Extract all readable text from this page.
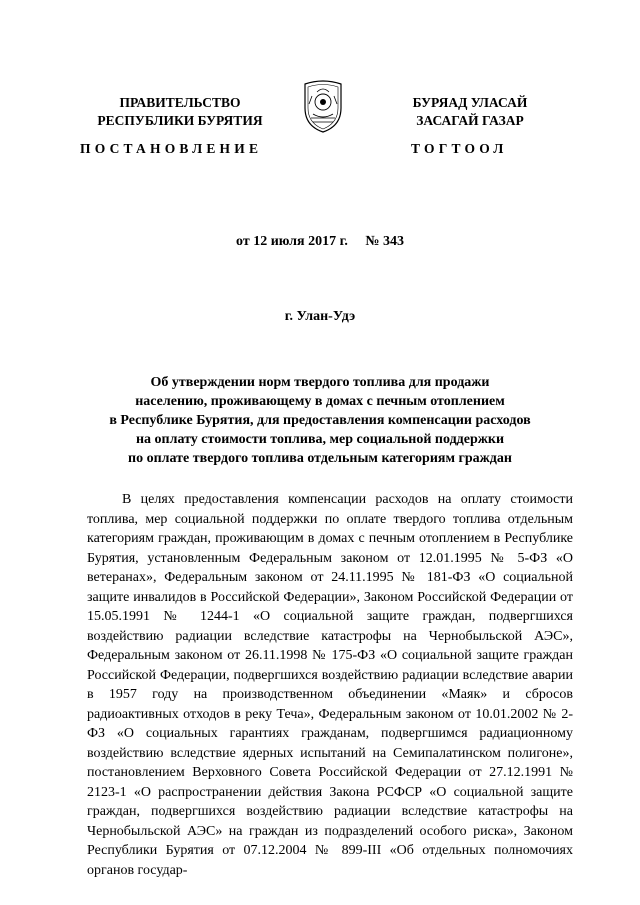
ПРАВИТЕЛЬСТВО
РЕСПУБЛИКИ БУРЯТИЯ
БУРЯАД УЛАСАЙ
ЗАСАГАЙ ГАЗАР
ПОСТАНОВЛЕНИЕ	ТОГТООЛ
от 12 июля 2017 г. № 343
г. Улан-Удэ
Об утверждении норм твердого топлива для продажи
населению, проживающему в домах с печным отоплением
в Республике Бурятия, для предоставления компенсации расходов
на оплату стоимости топлива, мер социальной поддержки
по оплате твердого топлива отдельным категориям граждан

В целях предоставления компенсации расходов на оплату стоимости топлива, мер социальной поддержки по оплате твердого топлива отдельным категориям граждан, проживающим в домах с печным отоплением в Республике Бурятия, установленным Федеральным законом от 12.01.1995 № 5-ФЗ «О ветеранах», Федеральным законом от 24.11.1995 № 181-ФЗ «О социальной защите инвалидов в Российской Федерации», Законом Российской Федерации от 15.05.1991 № 1244-1 «О социальной защите граждан, подвергшихся воздействию радиации вследствие катастрофы на Чернобыльской АЭС», Федеральным законом от 26.11.1998 № 175-ФЗ «О социальной защите граждан Российской Федерации, подвергшихся воздействию радиации вследствие аварии в 1957 году на производственном объединении «Маяк» и сбросов радиоактивных отходов в реку Теча», Федеральным законом от 10.01.2002 № 2-ФЗ «О социальных гарантиях гражданам, подвергшимся радиационному воздействию вследствие ядерных испытаний на Семипалатинском полигоне», постановлением Верховного Совета Российской Федерации от 27.12.1991 № 2123-1 «О распространении действия Закона РСФСР «О социальной защите граждан, подвергшихся воздействию радиации вследствие катастрофы на Чернобыльской АЭС» на граждан из подразделений особого риска», Законом Республики Бурятия от 07.12.2004 № 899-III «Об отдельных полномочиях органов государ-
